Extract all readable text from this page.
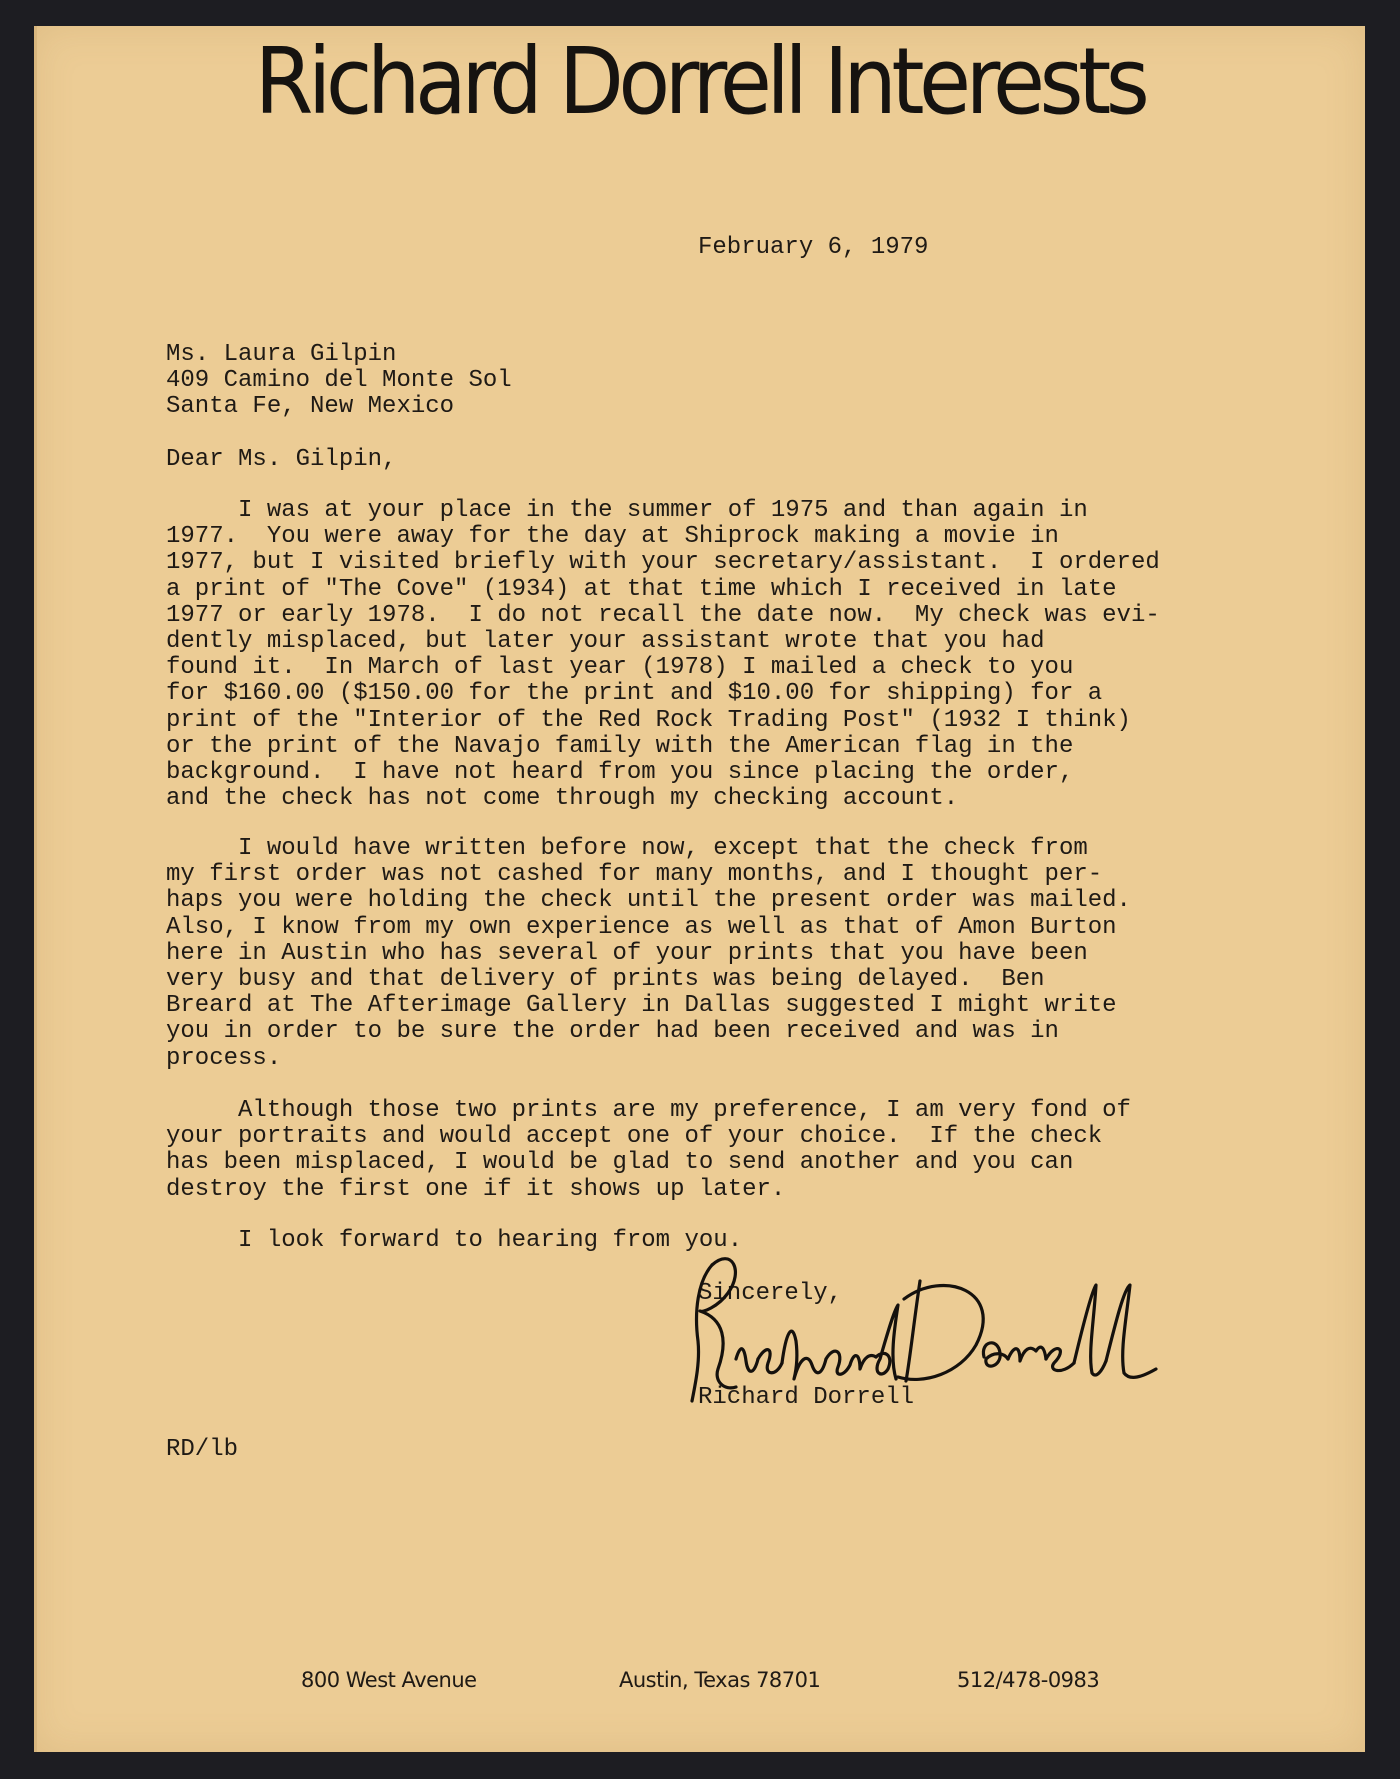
Richard Dorrell Interests
February 6, 1979
Ms. Laura Gilpin
409 Camino del Monte Sol
Santa Fe, New Mexico
Dear Ms. Gilpin,
I was at your place in the summer of 1975 and than again in
1977.  You were away for the day at Shiprock making a movie in
1977, but I visited briefly with your secretary/assistant.  I ordered
a print of "The Cove" (1934) at that time which I received in late
1977 or early 1978.  I do not recall the date now.  My check was evi-
dently misplaced, but later your assistant wrote that you had
found it.  In March of last year (1978) I mailed a check to you
for $160.00 ($150.00 for the print and $10.00 for shipping) for a
print of the "Interior of the Red Rock Trading Post" (1932 I think)
or the print of the Navajo family with the American flag in the
background.  I have not heard from you since placing the order,
and the check has not come through my checking account.
I would have written before now, except that the check from
my first order was not cashed for many months, and I thought per-
haps you were holding the check until the present order was mailed.
Also, I know from my own experience as well as that of Amon Burton
here in Austin who has several of your prints that you have been
very busy and that delivery of prints was being delayed.  Ben
Breard at The Afterimage Gallery in Dallas suggested I might write
you in order to be sure the order had been received and was in
process.
Although those two prints are my preference, I am very fond of
your portraits and would accept one of your choice.  If the check
has been misplaced, I would be glad to send another and you can
destroy the first one if it shows up later.
I look forward to hearing from you.
Sincerely,
Richard Dorrell
RD/lb
800 West Avenue	Austin, Texas 78701	512/478-0983
